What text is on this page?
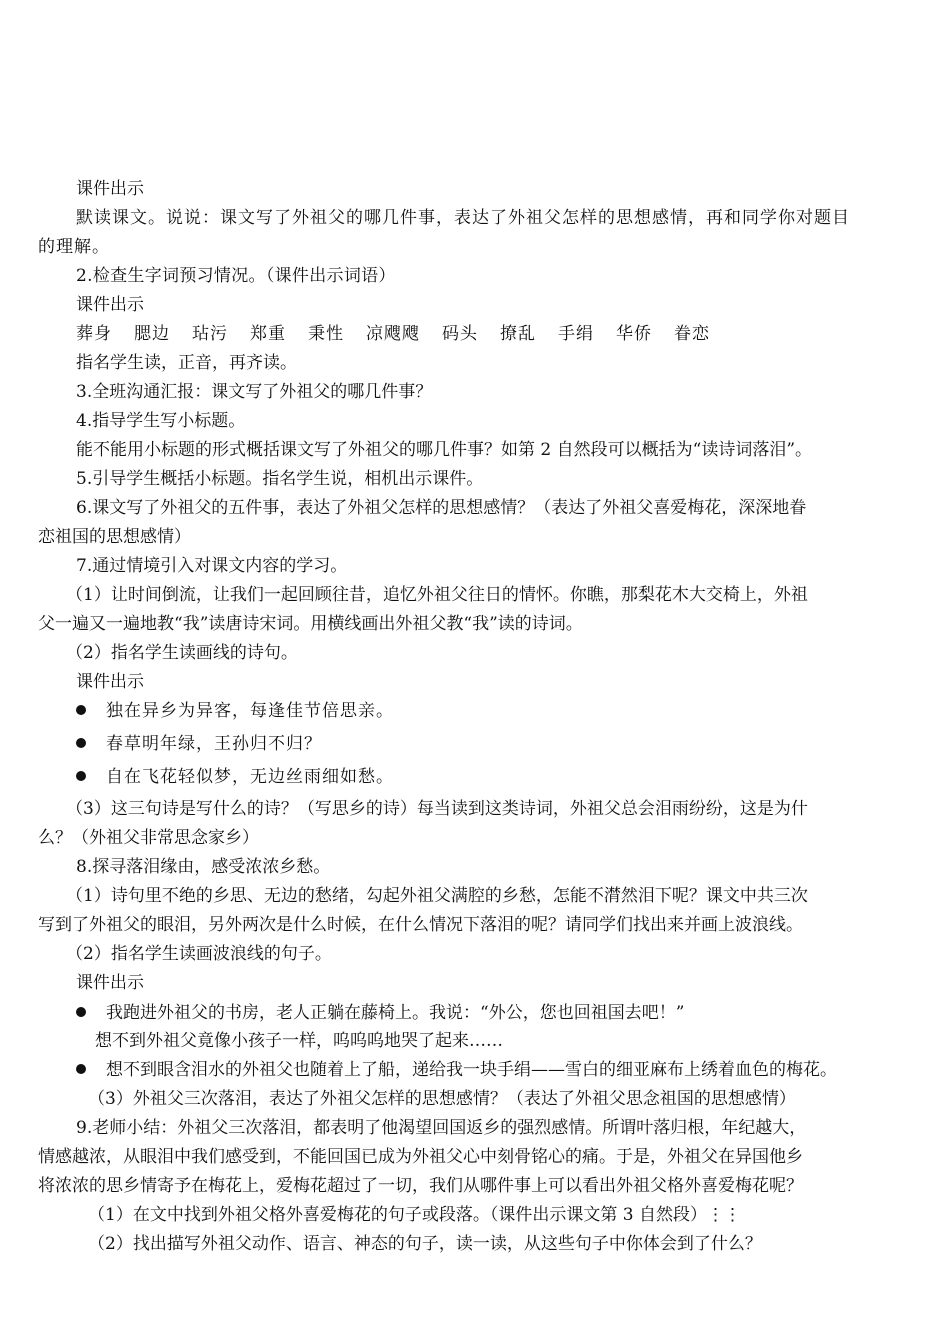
课件出示
默读课文。说说：课文写了外祖父的哪几件事，表达了外祖父怎样的思想感情，再和同学你对题目
的理解。
2.检查生字词预习情况。（课件出示词语）
课件出示
葬身 腮边 玷污 郑重 秉性 凉飕飕 码头 撩乱 手绢 华侨 眷恋
指名学生读，正音，再齐读。
3.全班沟通汇报：课文写了外祖父的哪几件事？
4.指导学生写小标题。
能不能用小标题的形式概括课文写了外祖父的哪几件事？如第 2 自然段可以概括为“读诗词落泪”。
5.引导学生概括小标题。指名学生说，相机出示课件。
6.课文写了外祖父的五件事，表达了外祖父怎样的思想感情？（表达了外祖父喜爱梅花，深深地眷
恋祖国的思想感情）
7.通过情境引入对课文内容的学习。
（1）让时间倒流，让我们一起回顾往昔，追忆外祖父往日的情怀。你瞧，那梨花木大交椅上，外祖
父一遍又一遍地教“我”读唐诗宋词。用横线画出外祖父教“我”读的诗词。
（2）指名学生读画线的诗句。
课件出示
独在异乡为异客，每逢佳节倍思亲。
春草明年绿，王孙归不归？
自在飞花轻似梦，无边丝雨细如愁。
（3）这三句诗是写什么的诗？（写思乡的诗）每当读到这类诗词，外祖父总会泪雨纷纷，这是为什
么？（外祖父非常思念家乡）
8.探寻落泪缘由，感受浓浓乡愁。
（1）诗句里不绝的乡思、无边的愁绪，勾起外祖父满腔的乡愁，怎能不潸然泪下呢？课文中共三次
写到了外祖父的眼泪，另外两次是什么时候，在什么情况下落泪的呢？请同学们找出来并画上波浪线。
（2）指名学生读画波浪线的句子。
课件出示
我跑进外祖父的书房，老人正躺在藤椅上。我说：“外公，您也回祖国去吧！”
想不到外祖父竟像小孩子一样，呜呜呜地哭了起来……
想不到眼含泪水的外祖父也随着上了船，递给我一块手绢——雪白的细亚麻布上绣着血色的梅花。
（3）外祖父三次落泪，表达了外祖父怎样的思想感情？（表达了外祖父思念祖国的思想感情）
9.老师小结：外祖父三次落泪，都表明了他渴望回国返乡的强烈感情。所谓叶落归根，年纪越大，
情感越浓，从眼泪中我们感受到，不能回国已成为外祖父心中刻骨铭心的痛。于是，外祖父在异国他乡
将浓浓的思乡情寄予在梅花上，爱梅花超过了一切，我们从哪件事上可以看出外祖父格外喜爱梅花呢？
（1）在文中找到外祖父格外喜爱梅花的句子或段落。（课件出示课文第 3 自然段）⋮⋮
（2）找出描写外祖父动作、语言、神态的句子，读一读，从这些句子中你体会到了什么？
